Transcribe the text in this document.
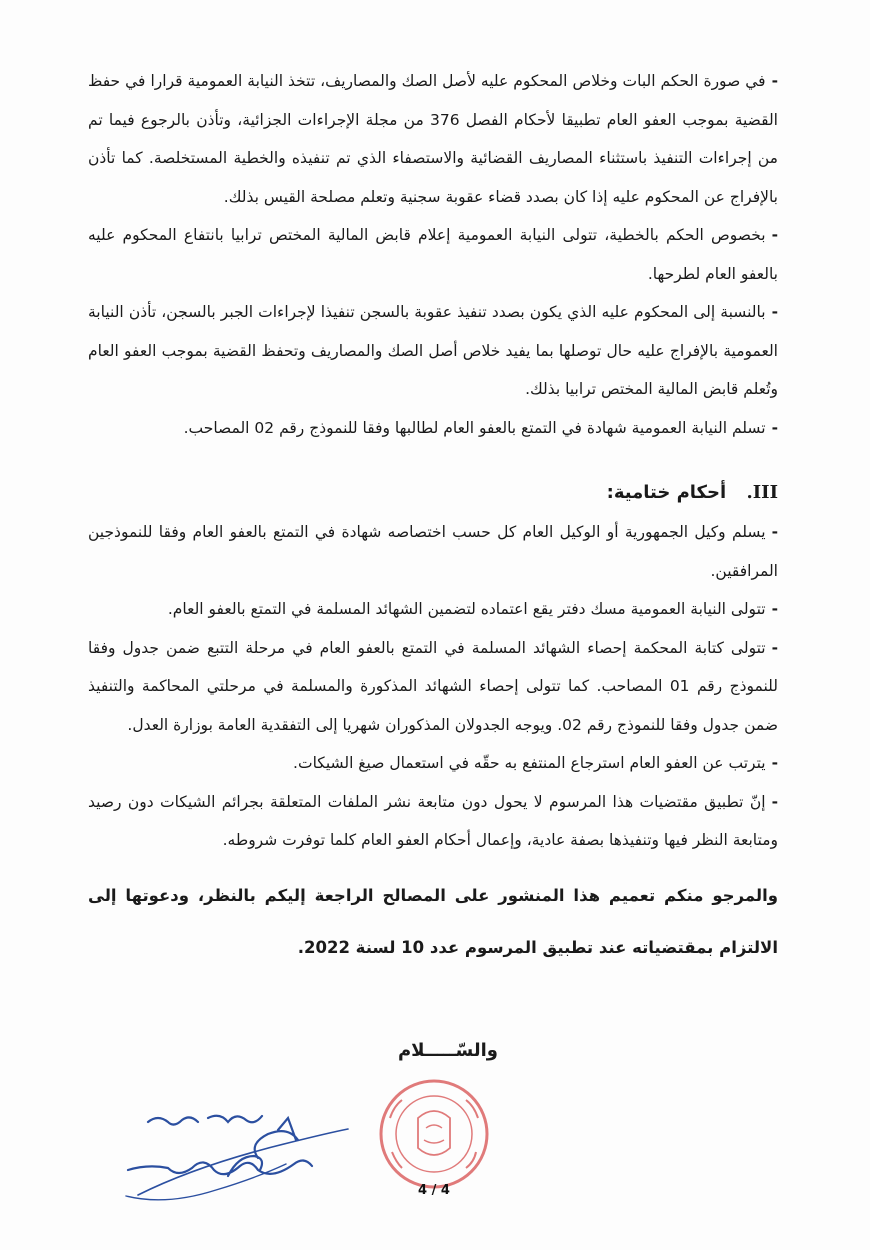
-في صورة الحكم البات وخلاص المحكوم عليه لأصل الصك والمصاريف، تتخذ النيابة العمومية قرارا في حفظ القضية بموجب العفو العام تطبيقا لأحكام الفصل 376 من مجلة الإجراءات الجزائية، وتأذن بالرجوع فيما تم من إجراءات التنفيذ باستثناء المصاريف القضائية والاستصفاء الذي تم تنفيذه والخطية المستخلصة. كما تأذن بالإفراج عن المحكوم عليه إذا كان بصدد قضاء عقوبة سجنية وتعلم مصلحة القيس بذلك.

-بخصوص الحكم بالخطية، تتولى النيابة العمومية إعلام قابض المالية المختص ترابيا بانتفاع المحكوم عليه بالعفو العام لطرحها.

-بالنسبة إلى المحكوم عليه الذي يكون بصدد تنفيذ عقوبة بالسجن تنفيذا لإجراءات الجبر بالسجن، تأذن النيابة العمومية بالإفراج عليه حال توصلها بما يفيد خلاص أصل الصك والمصاريف وتحفظ القضية بموجب العفو العام وتُعلم قابض المالية المختص ترابيا بذلك.

-تسلم النيابة العمومية شهادة في التمتع بالعفو العام لطالبها وفقا للنموذج رقم 02 المصاحب.

III. أحكام ختامية:

-يسلم وكيل الجمهورية أو الوكيل العام كل حسب اختصاصه شهادة في التمتع بالعفو العام وفقا للنموذجين المرافقين.

-تتولى النيابة العمومية مسك دفتر يقع اعتماده لتضمين الشهائد المسلمة في التمتع بالعفو العام.

-تتولى كتابة المحكمة إحصاء الشهائد المسلمة في التمتع بالعفو العام في مرحلة التتبع ضمن جدول وفقا للنموذج رقم 01 المصاحب. كما تتولى إحصاء الشهائد المذكورة والمسلمة في مرحلتي المحاكمة والتنفيذ ضمن جدول وفقا للنموذج رقم 02. ويوجه الجدولان المذكوران شهريا إلى التفقدية العامة بوزارة العدل.

-يترتب عن العفو العام استرجاع المنتفع به حقّه في استعمال صيغ الشيكات.

-إنّ تطبيق مقتضيات هذا المرسوم لا يحول دون متابعة نشر الملفات المتعلقة بجرائم الشيكات دون رصيد ومتابعة النظر فيها وتنفيذها بصفة عادية، وإعمال أحكام العفو العام كلما توفرت شروطه.

والمرجو منكم تعميم هذا المنشور على المصالح الراجعة إليكم بالنظر، ودعوتها إلى الالتزام بمقتضياته عند تطبيق المرسوم عدد 10 لسنة 2022.

والسّـــــلام
4 / 4
